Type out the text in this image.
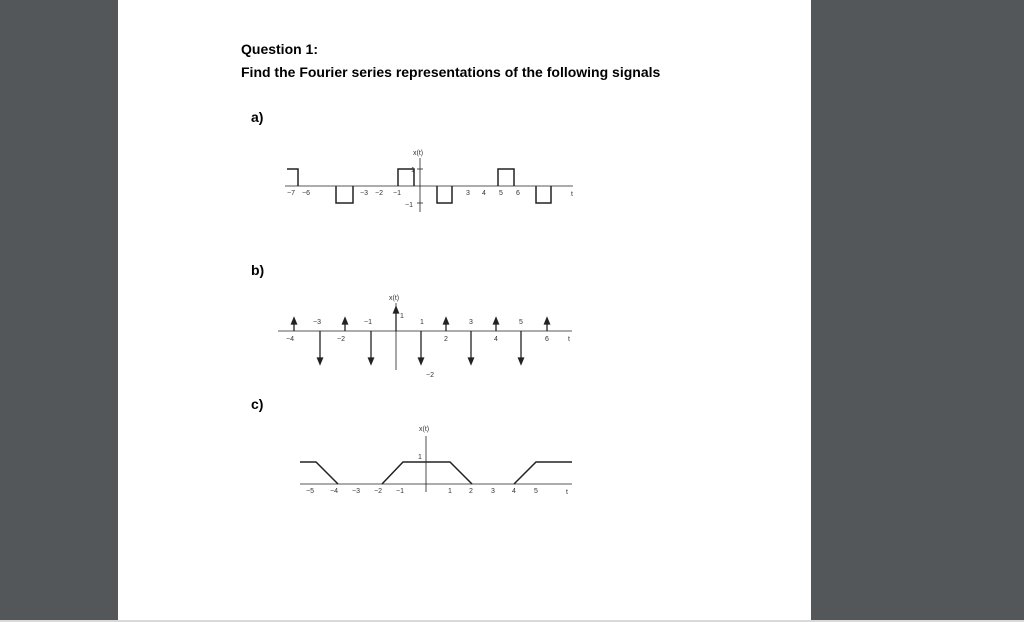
Question 1:
Find the Fourier series representations of the following signals
a)
b)
c)
x(t)
1
−1
t
−7 −6	−3 −2 −1	3 4 5 6
x(t)
1
−2
t
−3	−1	1	3	5
−4	−2	2	4	6
x(t)
1
t
−5 −4 −3 −2 −1	1 2	3 4	5
